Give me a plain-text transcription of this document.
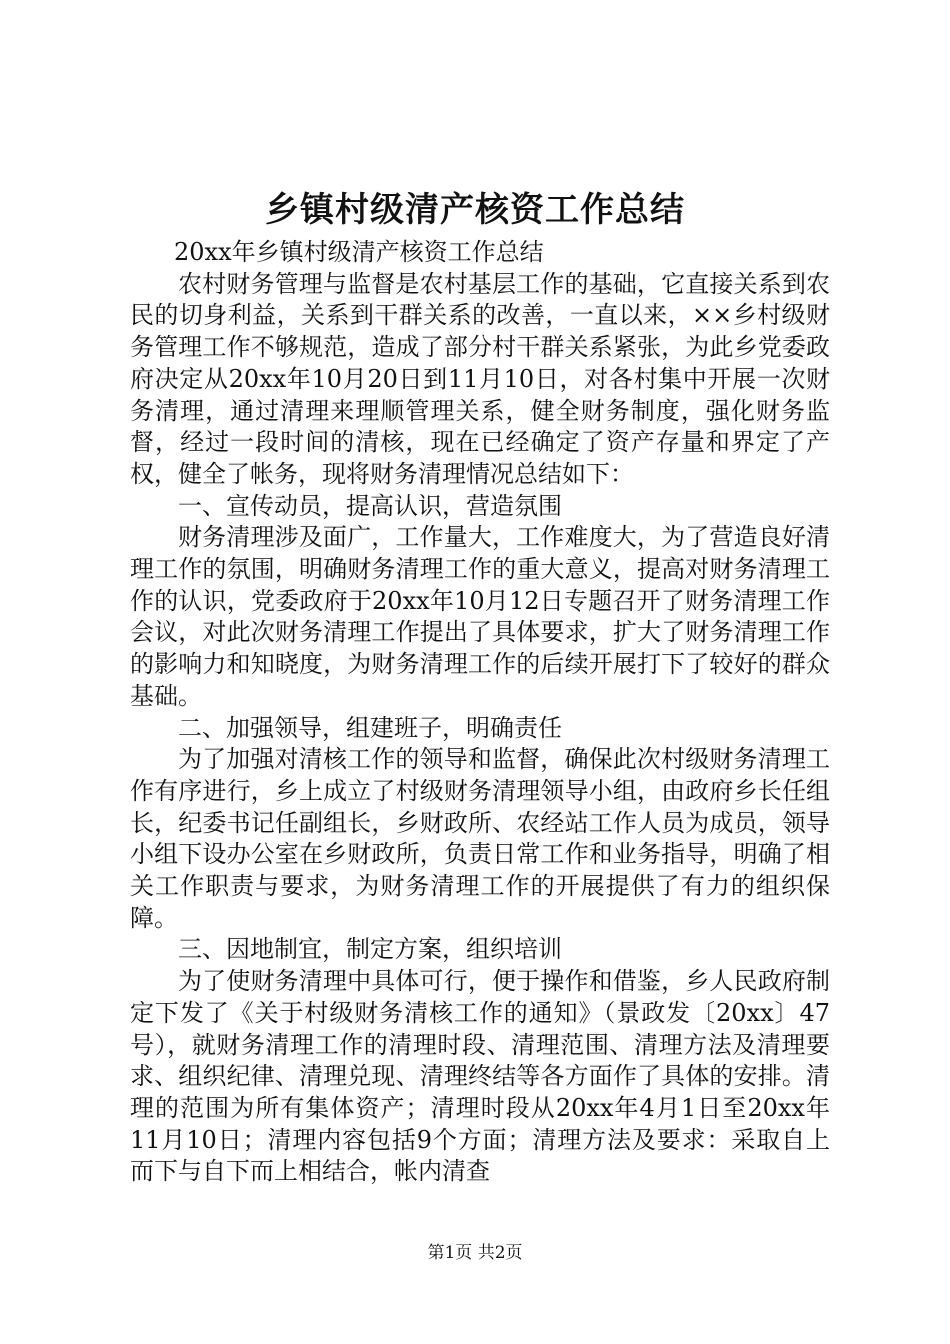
乡镇村级清产核资工作总结

20xx年乡镇村级清产核资工作总结

农村财务管理与监督是农村基层工作的基础，它直接关系到农民的切身利益，关系到干群关系的改善，一直以来，××乡村级财务管理工作不够规范，造成了部分村干群关系紧张，为此乡党委政府决定从20xx年10月20日到11月10日，对各村集中开展一次财务清理，通过清理来理顺管理关系，健全财务制度，强化财务监督，经过一段时间的清核，现在已经确定了资产存量和界定了产权，健全了帐务，现将财务清理情况总结如下：

一、宣传动员，提高认识，营造氛围

财务清理涉及面广，工作量大，工作难度大，为了营造良好清理工作的氛围，明确财务清理工作的重大意义，提高对财务清理工作的认识，党委政府于20xx年10月12日专题召开了财务清理工作会议，对此次财务清理工作提出了具体要求，扩大了财务清理工作的影响力和知晓度，为财务清理工作的后续开展打下了较好的群众基础。

二、加强领导，组建班子，明确责任

为了加强对清核工作的领导和监督，确保此次村级财务清理工作有序进行，乡上成立了村级财务清理领导小组，由政府乡长任组长，纪委书记任副组长，乡财政所、农经站工作人员为成员，领导小组下设办公室在乡财政所，负责日常工作和业务指导，明确了相关工作职责与要求，为财务清理工作的开展提供了有力的组织保障。

三、因地制宜，制定方案，组织培训

为了使财务清理中具体可行，便于操作和借鉴，乡人民政府制定下发了《关于村级财务清核工作的通知》（景政发〔20xx〕47号），就财务清理工作的清理时段、清理范围、清理方法及清理要求、组织纪律、清理兑现、清理终结等各方面作了具体的安排。清理的范围为所有集体资产；清理时段从20xx年4月1日至20xx年11月10日；清理内容包括9个方面；清理方法及要求：采取自上而下与自下而上相结合，帐内清查

第1页 共2页
